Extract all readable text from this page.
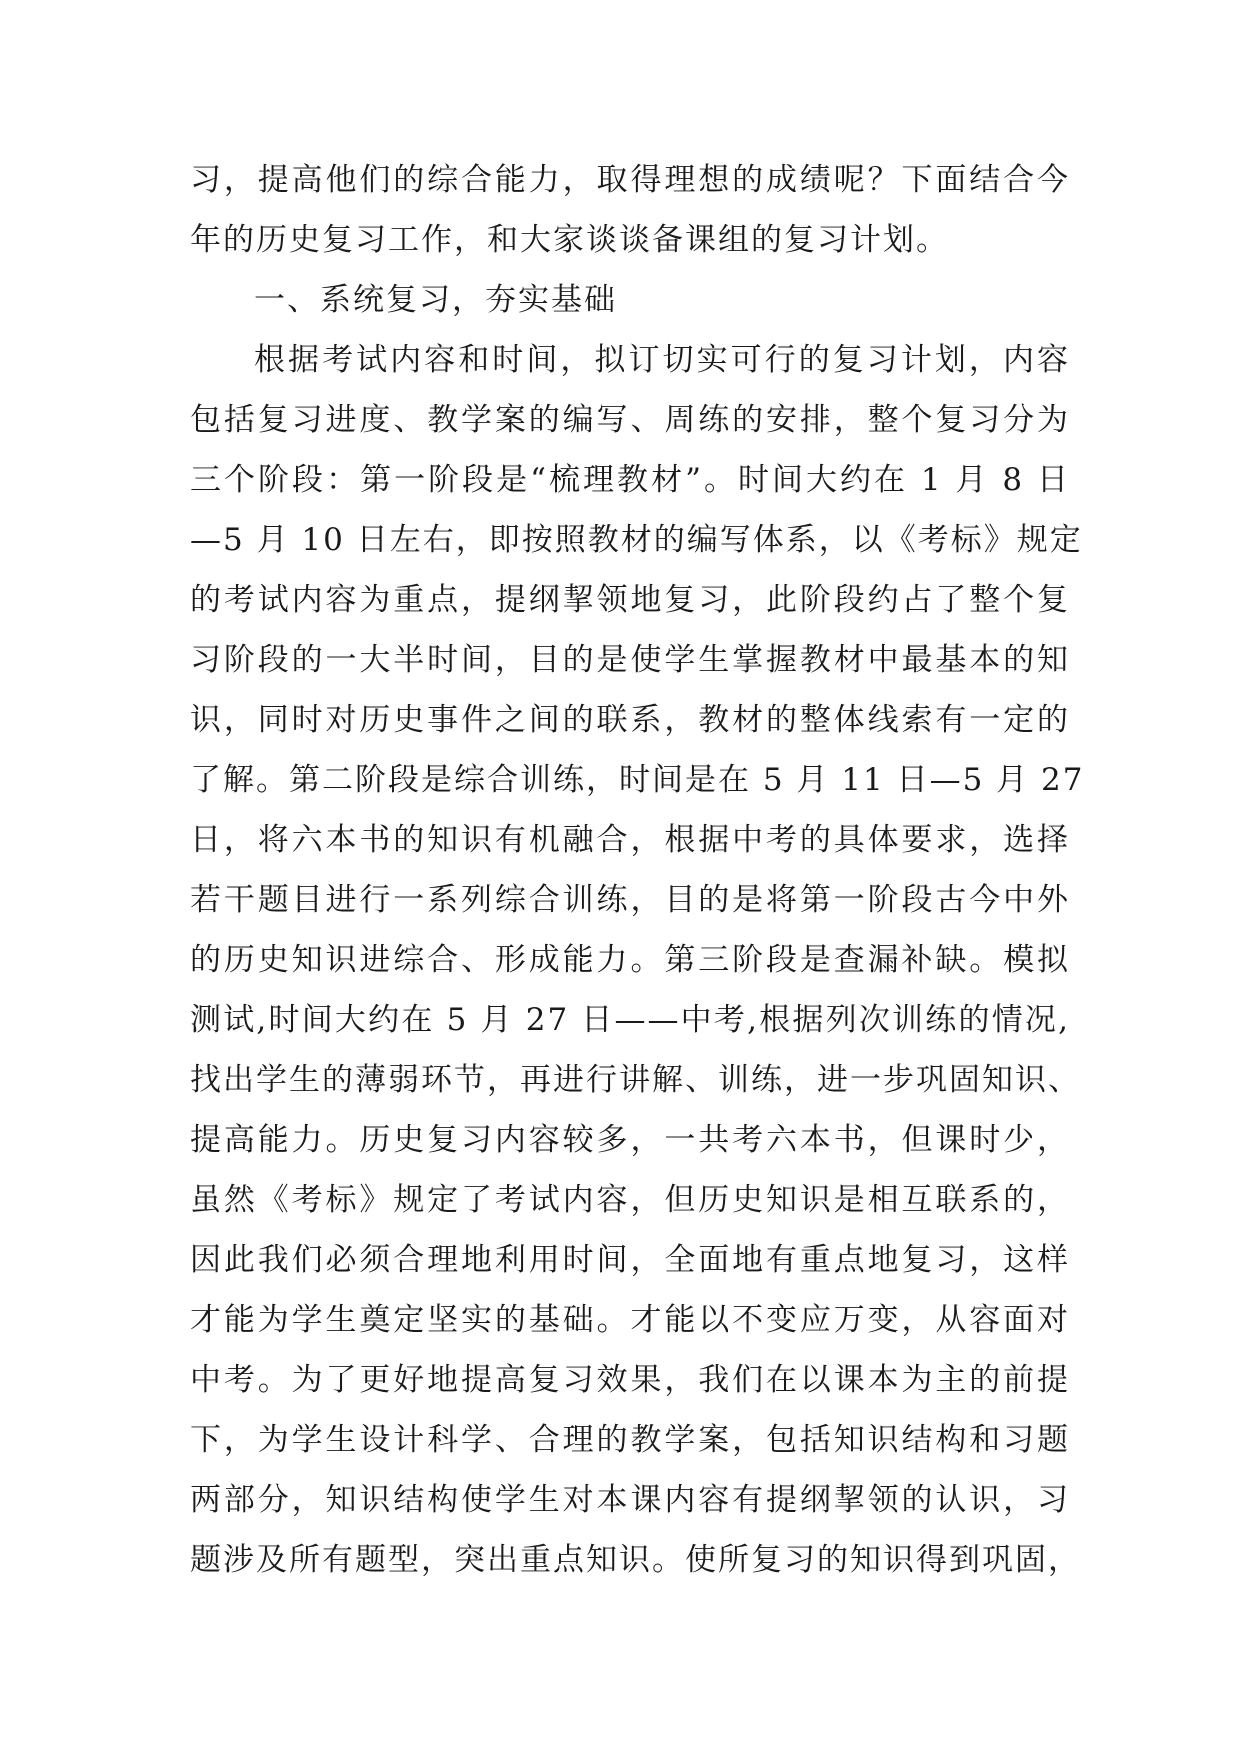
习，提高他们的综合能力，取得理想的成绩呢？下面结合今
年的历史复习工作，和大家谈谈备课组的复习计划。
一、系统复习，夯实基础
根据考试内容和时间，拟订切实可行的复习计划，内容
包括复习进度、教学案的编写、周练的安排，整个复习分为
三个阶段：第一阶段是“梳理教材”。时间大约在 1 月 8 日
—5 月 10 日左右，即按照教材的编写体系，以《考标》规定
的考试内容为重点，提纲挈领地复习，此阶段约占了整个复
习阶段的一大半时间，目的是使学生掌握教材中最基本的知
识，同时对历史事件之间的联系，教材的整体线索有一定的
了解。第二阶段是综合训练，时间是在 5 月 11 日—5 月 27
日，将六本书的知识有机融合，根据中考的具体要求，选择
若干题目进行一系列综合训练，目的是将第一阶段古今中外
的历史知识进综合、形成能力。第三阶段是查漏补缺。模拟
测试,时间大约在 5 月 27 日——中考,根据列次训练的情况,
找出学生的薄弱环节，再进行讲解、训练，进一步巩固知识、
提高能力。历史复习内容较多，一共考六本书，但课时少，
虽然《考标》规定了考试内容，但历史知识是相互联系的，
因此我们必须合理地利用时间，全面地有重点地复习，这样
才能为学生奠定坚实的基础。才能以不变应万变，从容面对
中考。为了更好地提高复习效果，我们在以课本为主的前提
下，为学生设计科学、合理的教学案，包括知识结构和习题
两部分，知识结构使学生对本课内容有提纲挈领的认识，习
题涉及所有题型，突出重点知识。使所复习的知识得到巩固，
